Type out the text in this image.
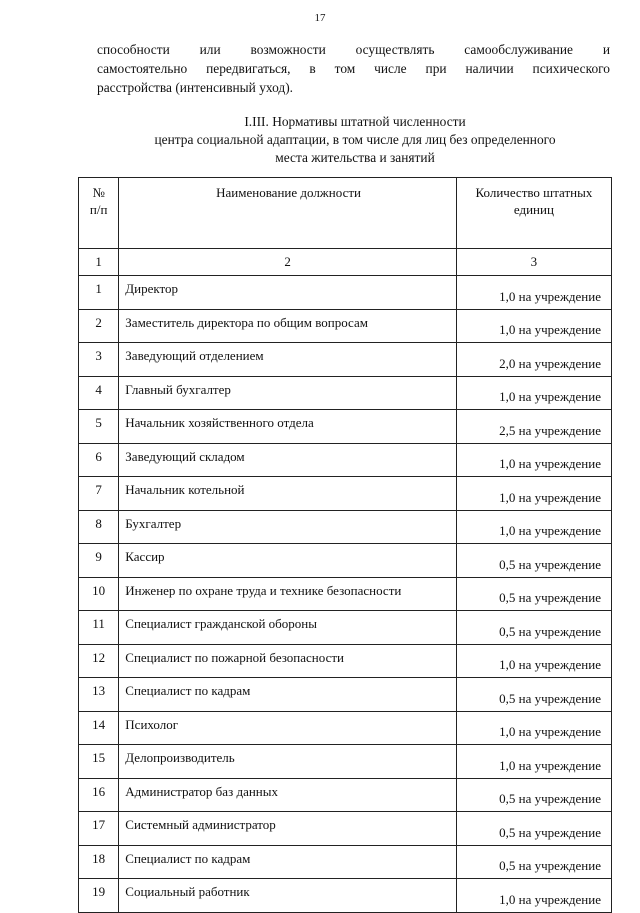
17
способности или возможности осуществлять самообслуживание и
самостоятельно передвигаться, в том числе при наличии психического
расстройства (интенсивный уход).
I.III. Нормативы штатной численности
центра социальной адаптации, в том числе для лиц без определенного
места жительства и занятий
№
п/п	Наименование должности	Количество штатных единиц
1	2	3
1	Директор	1,0 на учреждение
2	Заместитель директора по общим вопросам	1,0 на учреждение
3	Заведующий отделением	2,0 на учреждение
4	Главный бухгалтер	1,0 на учреждение
5	Начальник хозяйственного отдела	2,5 на учреждение
6	Заведующий складом	1,0 на учреждение
7	Начальник котельной	1,0 на учреждение
8	Бухгалтер	1,0 на учреждение
9	Кассир	0,5 на учреждение
10	Инженер по охране труда и технике безопасности	0,5 на учреждение
11	Специалист гражданской обороны	0,5 на учреждение
12	Специалист по пожарной безопасности	1,0 на учреждение
13	Специалист по кадрам	0,5 на учреждение
14	Психолог	1,0 на учреждение
15	Делопроизводитель	1,0 на учреждение
16	Администратор баз данных	0,5 на учреждение
17	Системный администратор	0,5 на учреждение
18	Специалист по кадрам	0,5 на учреждение
19	Социальный работник	1,0 на учреждение
